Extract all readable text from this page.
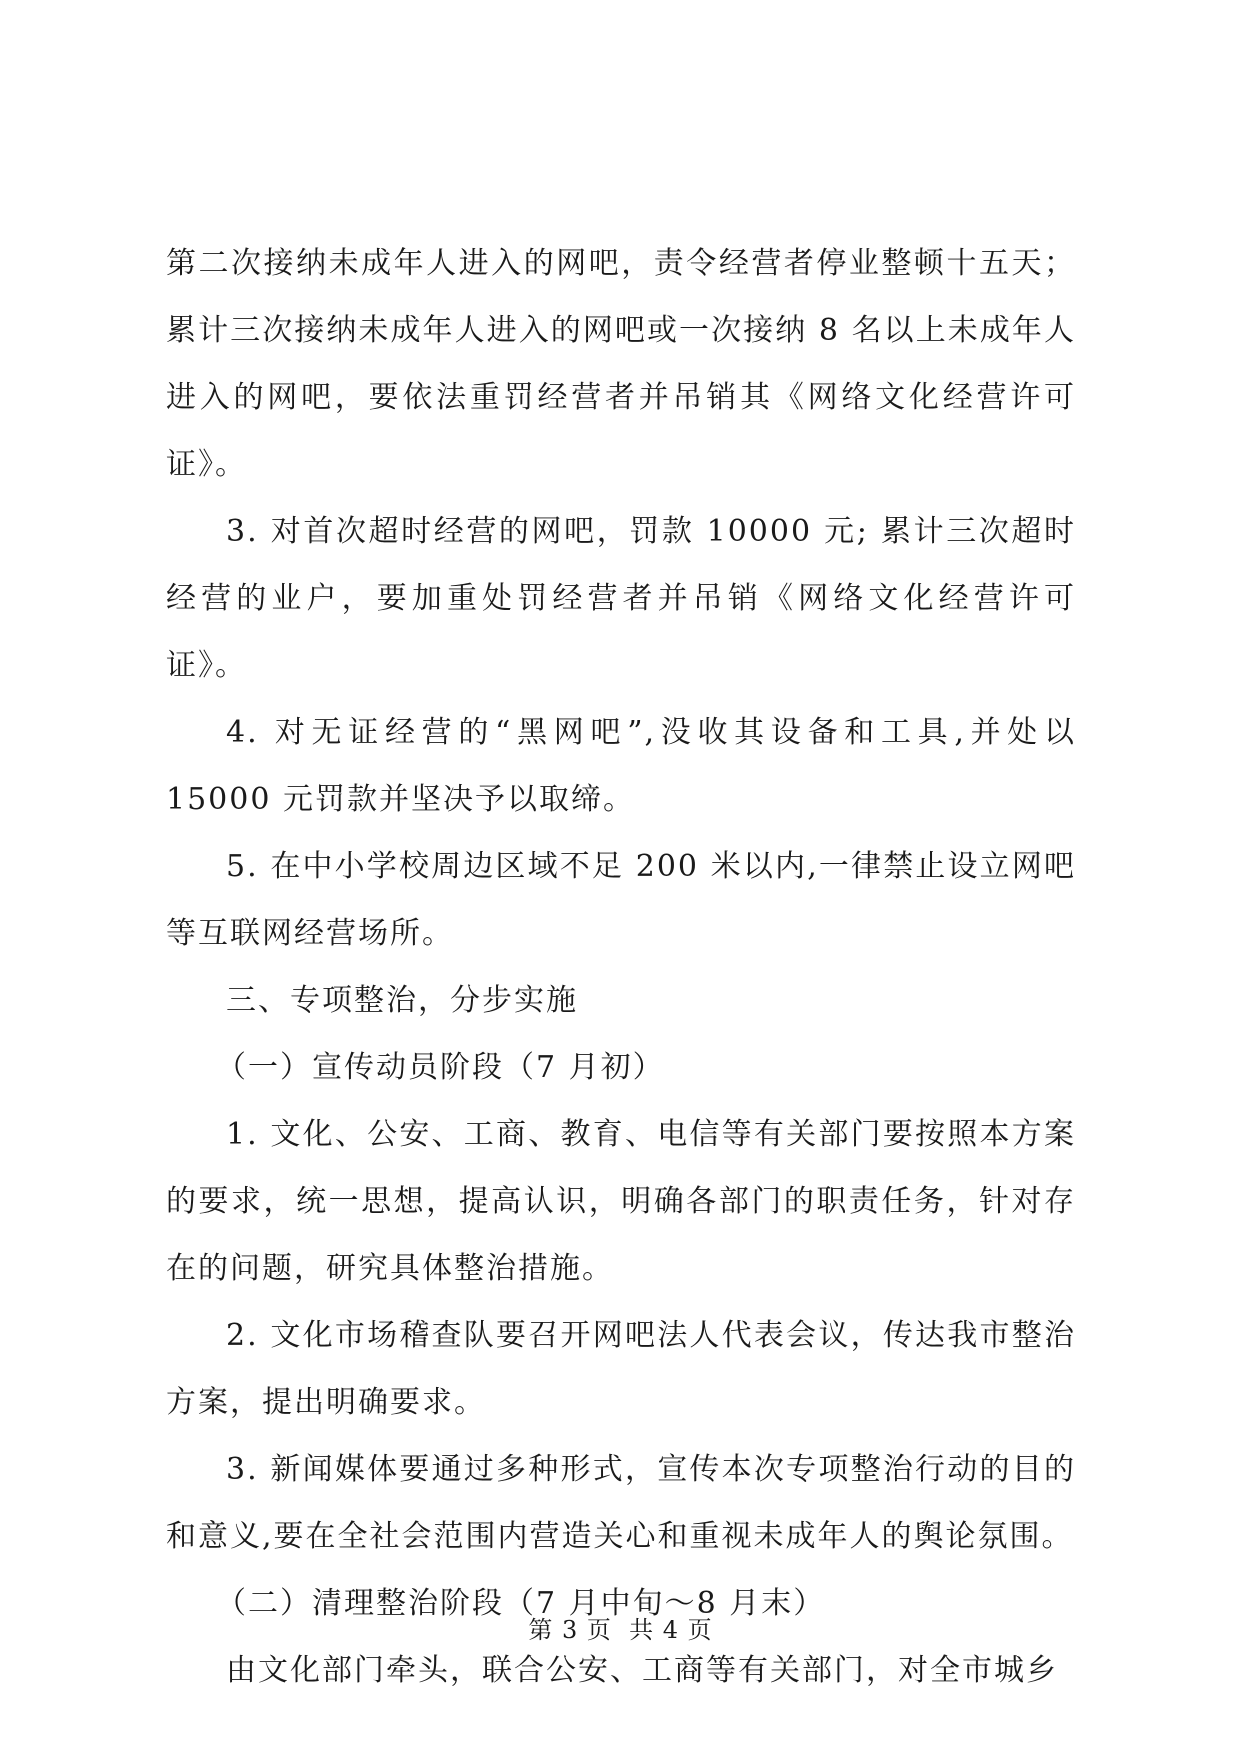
第二次接纳未成年人进入的网吧，责令经营者停业整顿十五天；累计三次接纳未成年人进入的网吧或一次接纳 8 名以上未成年人进入的网吧，要依法重罚经营者并吊销其《网络文化经营许可证》。

3. 对首次超时经营的网吧，罚款 10000 元; 累计三次超时经营的业户，要加重处罚经营者并吊销《网络文化经营许可证》。

4. 对无证经营的“黑网吧”,没收其设备和工具,并处以 15000 元罚款并坚决予以取缔。

5. 在中小学校周边区域不足 200 米以内,一律禁止设立网吧等互联网经营场所。

三、专项整治，分步实施

（一）宣传动员阶段（7 月初）

1. 文化、公安、工商、教育、电信等有关部门要按照本方案的要求，统一思想，提高认识，明确各部门的职责任务，针对存在的问题，研究具体整治措施。

2. 文化市场稽查队要召开网吧法人代表会议，传达我市整治方案，提出明确要求。

3. 新闻媒体要通过多种形式，宣传本次专项整治行动的目的和意义,要在全社会范围内营造关心和重视未成年人的舆论氛围。

（二）清理整治阶段（7 月中旬～8 月末）

由文化部门牵头，联合公安、工商等有关部门，对全市城乡

第 3 页  共 4 页
